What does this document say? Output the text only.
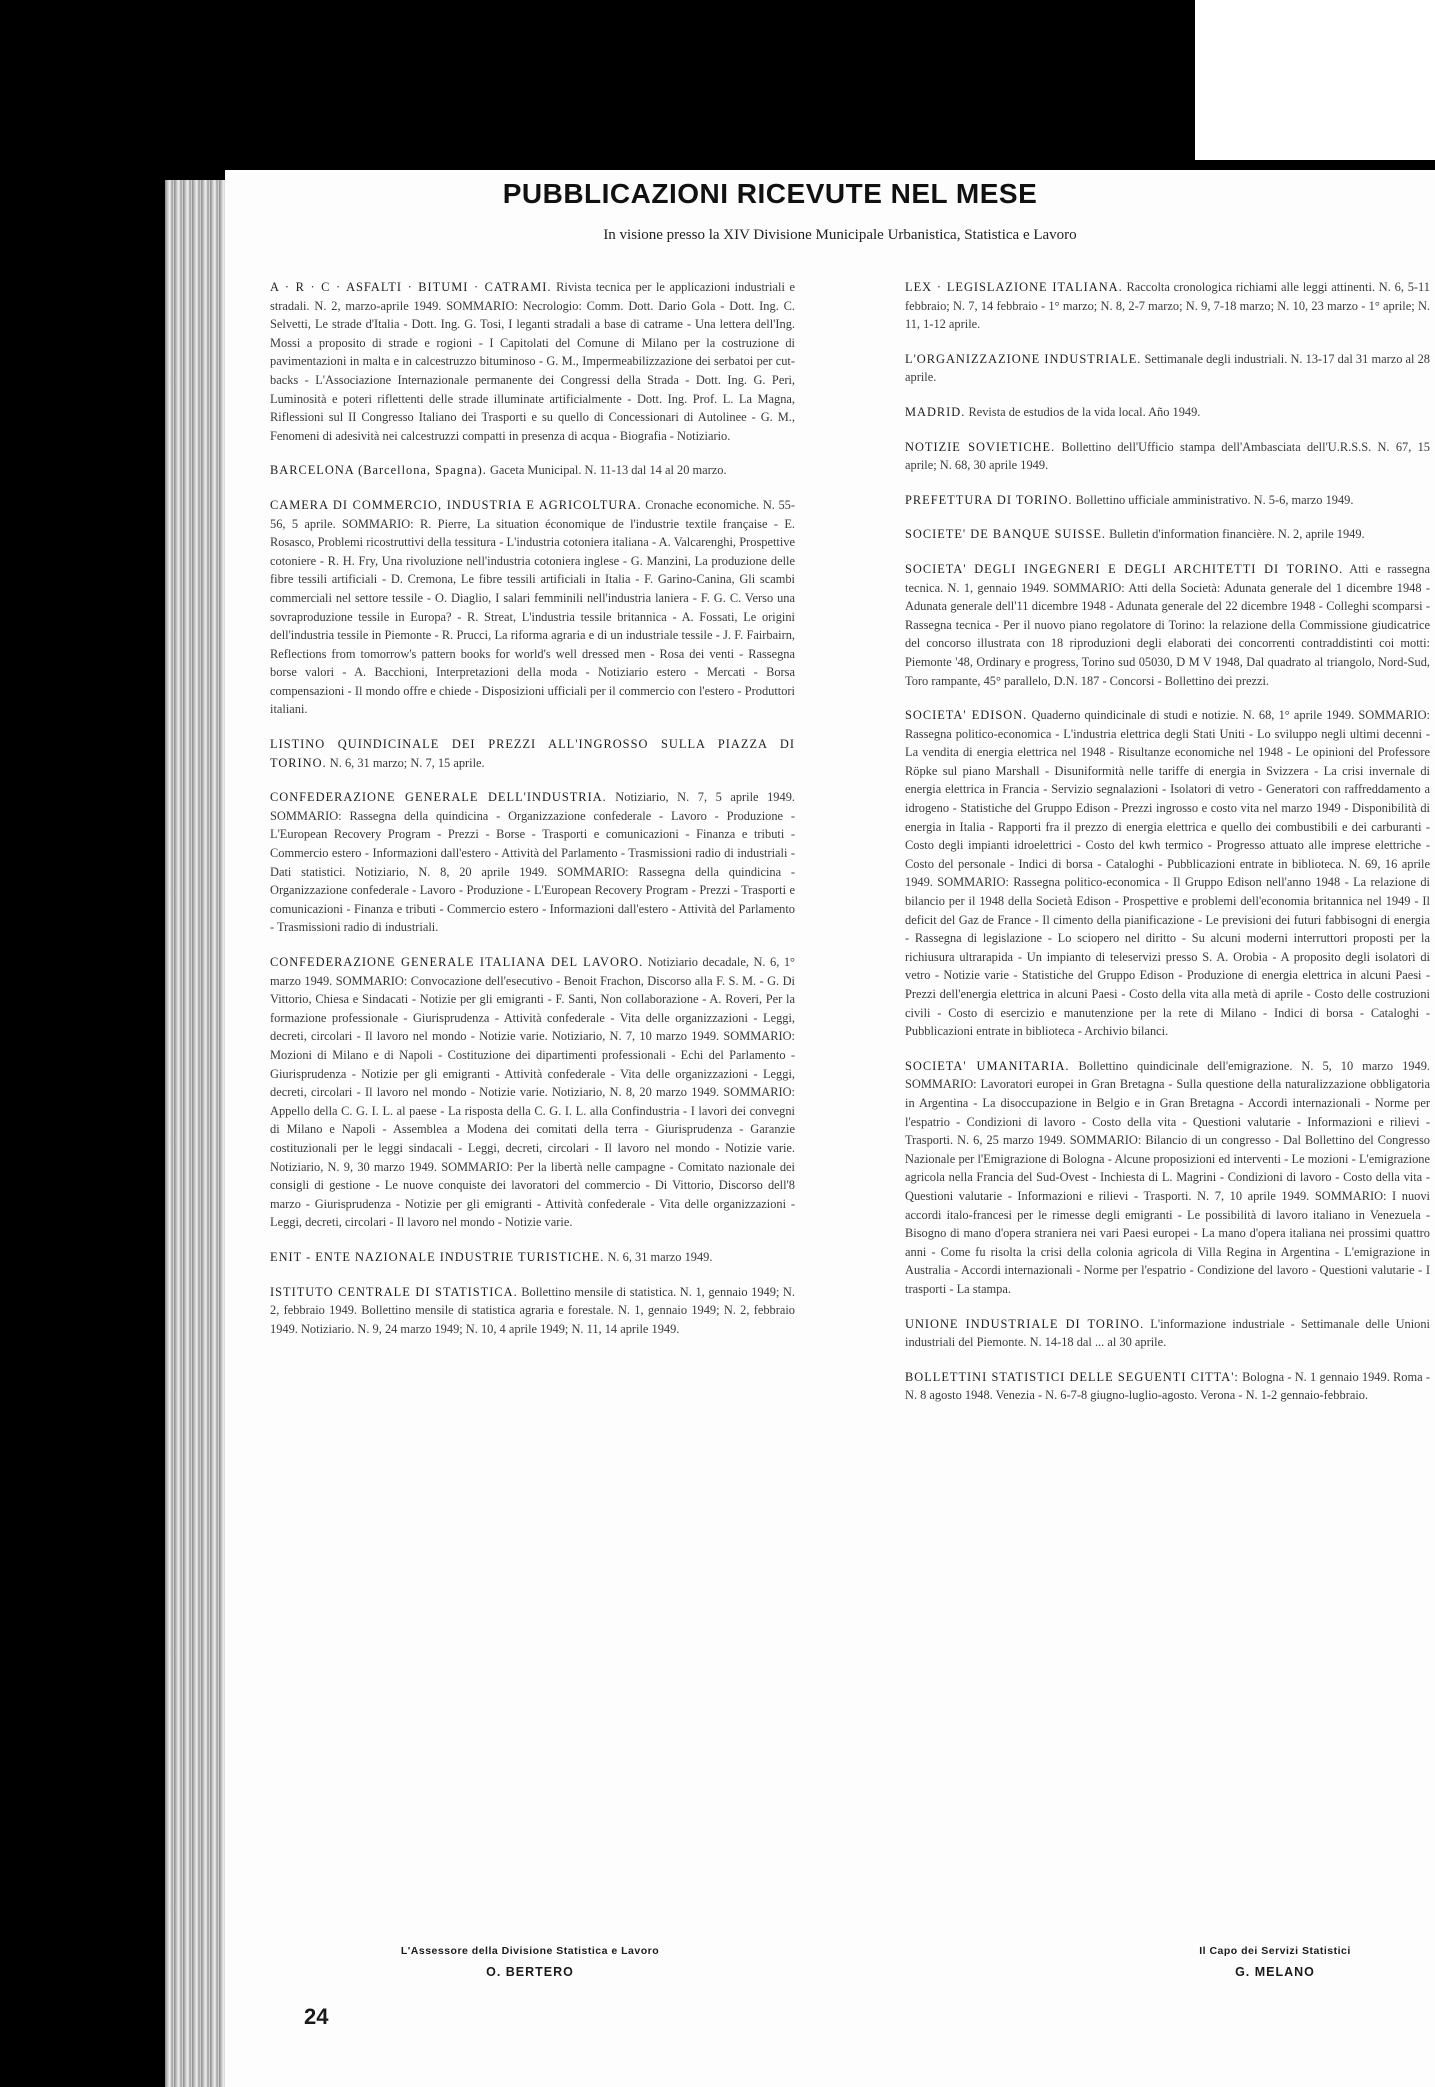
PUBBLICAZIONI RICEVUTE NEL MESE
In visione presso la XIV Divisione Municipale Urbanistica, Statistica e Lavoro
A · R · C · ASFALTI · BITUMI · CATRAMI. Rivista tecnica per le applicazioni industriali e stradali. N. 2, marzo-aprile 1949. SOMMARIO: Necrologio: Comm. Dott. Dario Gola - Dott. Ing. C. Selvetti, Le strade d'Italia - Dott. Ing. G. Tosi, I leganti stradali a base di catrame - Una lettera dell'Ing. Mossi a proposito di strade e rogioni - I Capitolati del Comune di Milano per la costruzione di pavimentazioni in malta e in calcestruzzo bituminoso - G. M., Impermeabilizzazione dei serbatoi per cut-backs - L'Associazione Internazionale permanente dei Congressi della Strada - Dott. Ing. G. Peri, Luminosità e poteri riflettenti delle strade illuminate artificialmente - Dott. Ing. Prof. L. La Magna, Riflessioni sul II Congresso Italiano dei Trasporti e su quello di Concessionari di Autolinee - G. M., Fenomeni di adesività nei calcestruzzi compatti in presenza di acqua - Biografia - Notiziario.
BARCELONA (Barcellona, Spagna). Gaceta Municipal. N. 11-13 dal 14 al 20 marzo.
CAMERA DI COMMERCIO, INDUSTRIA E AGRICOLTURA. Cronache economiche. N. 55-56, 5 aprile. SOMMARIO: R. Pierre, La situation économique de l'industrie textile française - E. Rosasco, Problemi ricostruttivi della tessitura - L'industria cotoniera italiana - A. Valcarenghi, Prospettive cotoniere - R. H. Fry, Una rivoluzione nell'industria cotoniera inglese - G. Manzini, La produzione delle fibre tessili artificiali - D. Cremona, Le fibre tessili artificiali in Italia - F. Garino-Canina, Gli scambi commerciali nel settore tessile - O. Diaglio, I salari femminili nell'industria laniera - F. G. C. Verso una sovraproduzione tessile in Europa? - R. Streat, L'industria tessile britannica - A. Fossati, Le origini dell'industria tessile in Piemonte - R. Prucci, La riforma agraria e di un industriale tessile - J. F. Fairbairn, Reflections from tomorrow's pattern books for world's well dressed men - Rosa dei venti - Rassegna borse valori - A. Bacchioni, Interpretazioni della moda - Notiziario estero - Mercati - Borsa compensazioni - Il mondo offre e chiede - Disposizioni ufficiali per il commercio con l'estero - Produttori italiani.
LISTINO QUINDICINALE DEI PREZZI ALL'INGROSSO SULLA PIAZZA DI TORINO. N. 6, 31 marzo; N. 7, 15 aprile.
CONFEDERAZIONE GENERALE DELL'INDUSTRIA. Notiziario, N. 7, 5 aprile 1949. SOMMARIO: Rassegna della quindicina - Organizzazione confederale - Lavoro - Produzione - L'European Recovery Program - Prezzi - Borse - Trasporti e comunicazioni - Finanza e tributi - Commercio estero - Informazioni dall'estero - Attività del Parlamento - Trasmissioni radio di industriali - Dati statistici. Notiziario, N. 8, 20 aprile 1949. SOMMARIO: Rassegna della quindicina - Organizzazione confederale - Lavoro - Produzione - L'European Recovery Program - Prezzi - Trasporti e comunicazioni - Finanza e tributi - Commercio estero - Informazioni dall'estero - Attività del Parlamento - Trasmissioni radio di industriali.
CONFEDERAZIONE GENERALE ITALIANA DEL LAVORO. Notiziario decadale, N. 6, 1° marzo 1949. SOMMARIO: Convocazione dell'esecutivo - Benoit Frachon, Discorso alla F. S. M. - G. Di Vittorio, Chiesa e Sindacati - Notizie per gli emigranti - F. Santi, Non collaborazione - A. Roveri, Per la formazione professionale - Giurisprudenza - Attività confederale - Vita delle organizzazioni - Leggi, decreti, circolari - Il lavoro nel mondo - Notizie varie. Notiziario, N. 7, 10 marzo 1949. SOMMARIO: Mozioni di Milano e di Napoli - Costituzione dei dipartimenti professionali - Echi del Parlamento - Giurisprudenza - Notizie per gli emigranti - Attività confederale - Vita delle organizzazioni - Leggi, decreti, circolari - Il lavoro nel mondo - Notizie varie. Notiziario, N. 8, 20 marzo 1949. SOMMARIO: Appello della C. G. I. L. al paese - La risposta della C. G. I. L. alla Confindustria - I lavori dei convegni di Milano e Napoli - Assemblea a Modena dei comitati della terra - Giurisprudenza - Garanzie costituzionali per le leggi sindacali - Leggi, decreti, circolari - Il lavoro nel mondo - Notizie varie. Notiziario, N. 9, 30 marzo 1949. SOMMARIO: Per la libertà nelle campagne - Comitato nazionale dei consigli di gestione - Le nuove conquiste dei lavoratori del commercio - Di Vittorio, Discorso dell'8 marzo - Giurisprudenza - Notizie per gli emigranti - Attività confederale - Vita delle organizzazioni - Leggi, decreti, circolari - Il lavoro nel mondo - Notizie varie.
ENIT - ENTE NAZIONALE INDUSTRIE TURISTICHE. N. 6, 31 marzo 1949.
ISTITUTO CENTRALE DI STATISTICA. Bollettino mensile di statistica. N. 1, gennaio 1949; N. 2, febbraio 1949. Bollettino mensile di statistica agraria e forestale. N. 1, gennaio 1949; N. 2, febbraio 1949. Notiziario. N. 9, 24 marzo 1949; N. 10, 4 aprile 1949; N. 11, 14 aprile 1949.
LEX · LEGISLAZIONE ITALIANA. Raccolta cronologica richiami alle leggi attinenti. N. 6, 5-11 febbraio; N. 7, 14 febbraio - 1° marzo; N. 8, 2-7 marzo; N. 9, 7-18 marzo; N. 10, 23 marzo - 1° aprile; N. 11, 1-12 aprile.
L'ORGANIZZAZIONE INDUSTRIALE. Settimanale degli industriali. N. 13-17 dal 31 marzo al 28 aprile.
MADRID. Revista de estudios de la vida local. Año 1949.
NOTIZIE SOVIETICHE. Bollettino dell'Ufficio stampa dell'Ambasciata dell'U.R.S.S. N. 67, 15 aprile; N. 68, 30 aprile 1949.
PREFETTURA DI TORINO. Bollettino ufficiale amministrativo. N. 5-6, marzo 1949.
SOCIETE' DE BANQUE SUISSE. Bulletin d'information financière. N. 2, aprile 1949.
SOCIETA' DEGLI INGEGNERI E DEGLI ARCHITETTI DI TORINO. Atti e rassegna tecnica. N. 1, gennaio 1949. SOMMARIO: Atti della Società: Adunata generale del 1 dicembre 1948 - Adunata generale dell'11 dicembre 1948 - Adunata generale del 22 dicembre 1948 - Colleghi scomparsi - Rassegna tecnica - Per il nuovo piano regolatore di Torino: la relazione della Commissione giudicatrice del concorso illustrata con 18 riproduzioni degli elaborati dei concorrenti contraddistinti coi motti: Piemonte '48, Ordinary e progress, Torino sud 05030, D M V 1948, Dal quadrato al triangolo, Nord-Sud, Toro rampante, 45° parallelo, D.N. 187 - Concorsi - Bollettino dei prezzi.
SOCIETA' EDISON. Quaderno quindicinale di studi e notizie. N. 68, 1° aprile 1949. SOMMARIO: Rassegna politico-economica - L'industria elettrica degli Stati Uniti - Lo sviluppo negli ultimi decenni - La vendita di energia elettrica nel 1948 - Risultanze economiche nel 1948 - Le opinioni del Professore Röpke sul piano Marshall - Disuniformità nelle tariffe di energia in Svizzera - La crisi invernale di energia elettrica in Francia - Servizio segnalazioni - Isolatori di vetro - Generatori con raffreddamento a idrogeno - Statistiche del Gruppo Edison - Prezzi ingrosso e costo vita nel marzo 1949 - Disponibilità di energia in Italia - Rapporti fra il prezzo di energia elettrica e quello dei combustibili e dei carburanti - Costo degli impianti idroelettrici - Costo del kwh termico - Progresso attuato alle imprese elettriche - Costo del personale - Indici di borsa - Cataloghi - Pubblicazioni entrate in biblioteca. N. 69, 16 aprile 1949. SOMMARIO: Rassegna politico-economica - Il Gruppo Edison nell'anno 1948 - La relazione di bilancio per il 1948 della Società Edison - Prospettive e problemi dell'economia britannica nel 1949 - Il deficit del Gaz de France - Il cimento della pianificazione - Le previsioni dei futuri fabbisogni di energia - Rassegna di legislazione - Lo sciopero nel diritto - Su alcuni moderni interruttori proposti per la richiusura ultrarapida - Un impianto di teleservizi presso S. A. Orobia - A proposito degli isolatori di vetro - Notizie varie - Statistiche del Gruppo Edison - Produzione di energia elettrica in alcuni Paesi - Prezzi dell'energia elettrica in alcuni Paesi - Costo della vita alla metà di aprile - Costo delle costruzioni civili - Costo di esercizio e manutenzione per la rete di Milano - Indici di borsa - Cataloghi - Pubblicazioni entrate in biblioteca - Archivio bilanci.
SOCIETA' UMANITARIA. Bollettino quindicinale dell'emigrazione. N. 5, 10 marzo 1949. SOMMARIO: Lavoratori europei in Gran Bretagna - Sulla questione della naturalizzazione obbligatoria in Argentina - La disoccupazione in Belgio e in Gran Bretagna - Accordi internazionali - Norme per l'espatrio - Condizioni di lavoro - Costo della vita - Questioni valutarie - Informazioni e rilievi - Trasporti. N. 6, 25 marzo 1949. SOMMARIO: Bilancio di un congresso - Dal Bollettino del Congresso Nazionale per l'Emigrazione di Bologna - Alcune proposizioni ed interventi - Le mozioni - L'emigrazione agricola nella Francia del Sud-Ovest - Inchiesta di L. Magrini - Condizioni di lavoro - Costo della vita - Questioni valutarie - Informazioni e rilievi - Trasporti. N. 7, 10 aprile 1949. SOMMARIO: I nuovi accordi italo-francesi per le rimesse degli emigranti - Le possibilità di lavoro italiano in Venezuela - Bisogno di mano d'opera straniera nei vari Paesi europei - La mano d'opera italiana nei prossimi quattro anni - Come fu risolta la crisi della colonia agricola di Villa Regina in Argentina - L'emigrazione in Australia - Accordi internazionali - Norme per l'espatrio - Condizione del lavoro - Questioni valutarie - I trasporti - La stampa.
UNIONE INDUSTRIALE DI TORINO. L'informazione industriale - Settimanale delle Unioni industriali del Piemonte. N. 14-18 dal ... al 30 aprile.
BOLLETTINI STATISTICI DELLE SEGUENTI CITTA': Bologna - N. 1 gennaio 1949. Roma - N. 8 agosto 1948. Venezia - N. 6-7-8 giugno-luglio-agosto. Verona - N. 1-2 gennaio-febbraio.
L'Assessore della Divisione Statistica e Lavoro
O. BERTERO
Il Capo dei Servizi Statistici
G. MELANO
24
